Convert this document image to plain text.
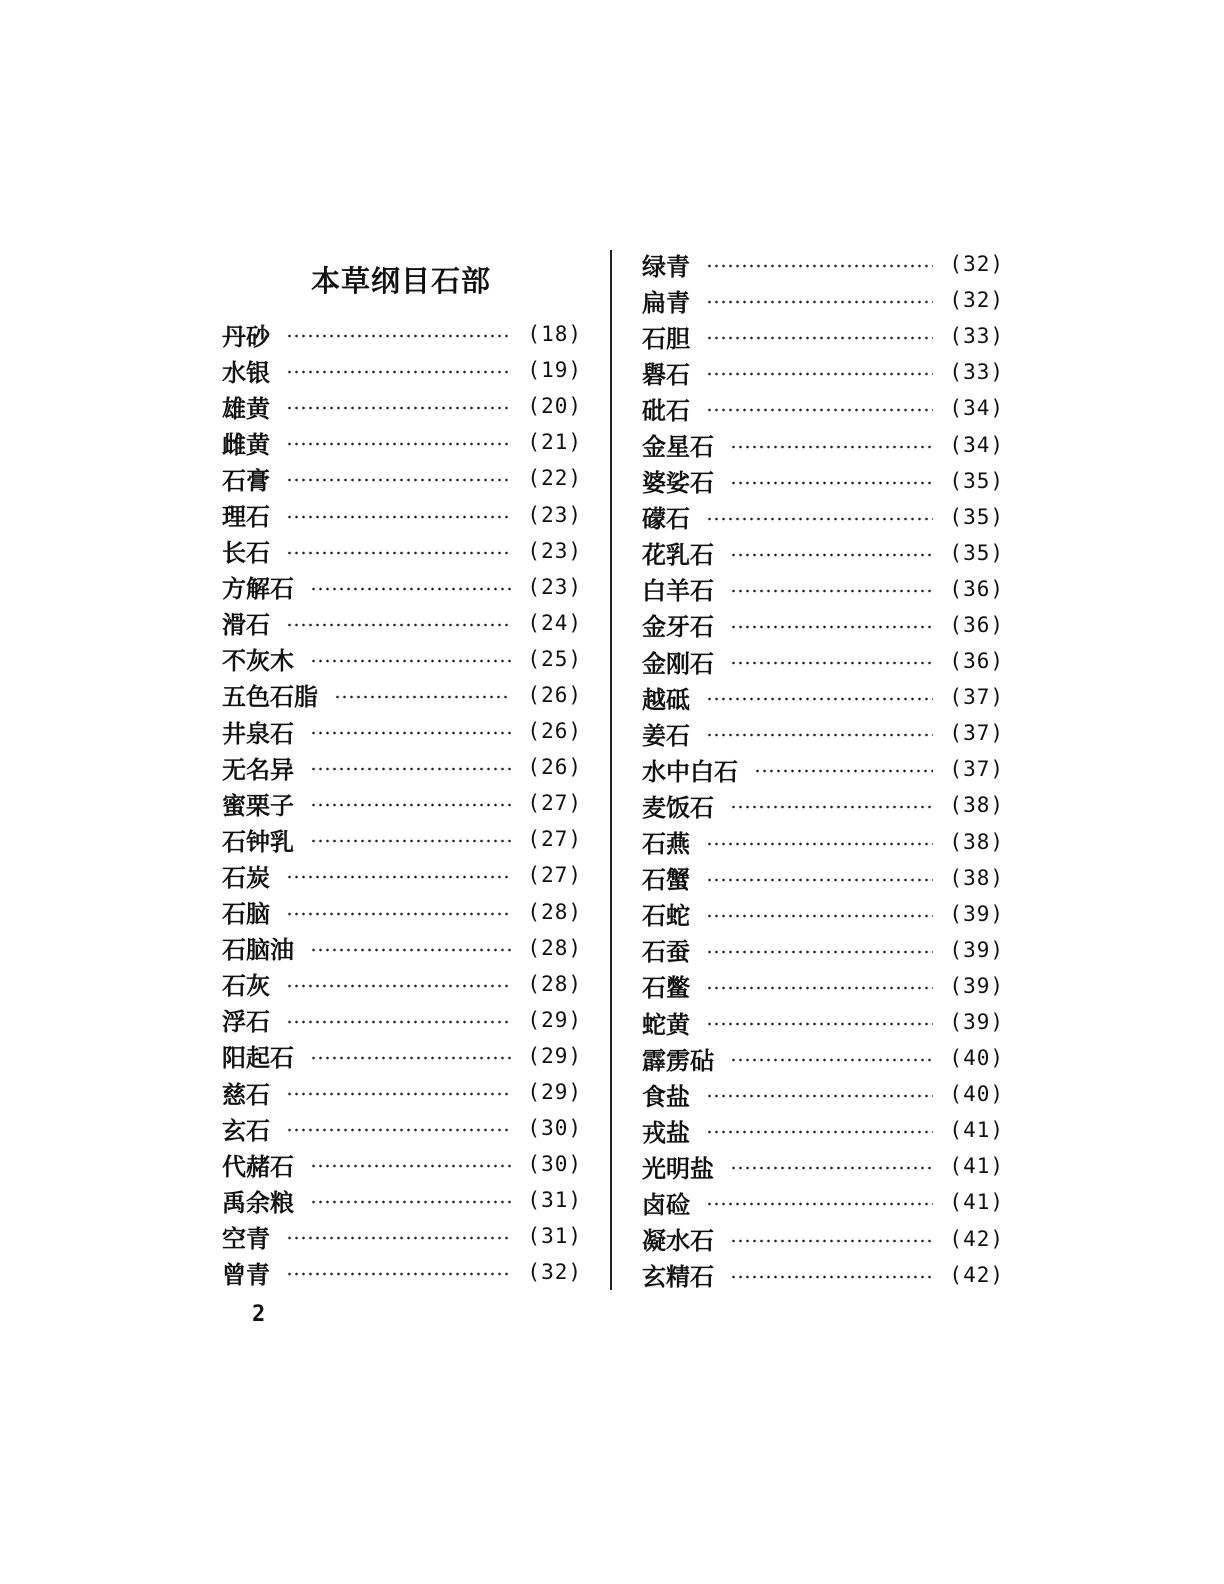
本草纲目石部
丹砂	(18)
水银	(19)
雄黄	(20)
雌黄	(21)
石膏	(22)
理石	(23)
长石	(23)
方解石	(23)
滑石	(24)
不灰木	(25)
五色石脂	(26)
井泉石	(26)
无名异	(26)
蜜栗子	(27)
石钟乳	(27)
石炭	(27)
石脑	(28)
石脑油	(28)
石灰	(28)
浮石	(29)
阳起石	(29)
慈石	(29)
玄石	(30)
代赭石	(30)
禹余粮	(31)
空青	(31)
曾青	(32)
绿青	(32)
扁青	(32)
石胆	(33)
礜石	(33)
砒石	(34)
金星石	(34)
婆娑石	(35)
礞石	(35)
花乳石	(35)
白羊石	(36)
金牙石	(36)
金刚石	(36)
越砥	(37)
姜石	(37)
水中白石	(37)
麦饭石	(38)
石燕	(38)
石蟹	(38)
石蛇	(39)
石蚕	(39)
石鳖	(39)
蛇黄	(39)
霹雳砧	(40)
食盐	(40)
戎盐	(41)
光明盐	(41)
卤硷	(41)
凝水石	(42)
玄精石	(42)
2
